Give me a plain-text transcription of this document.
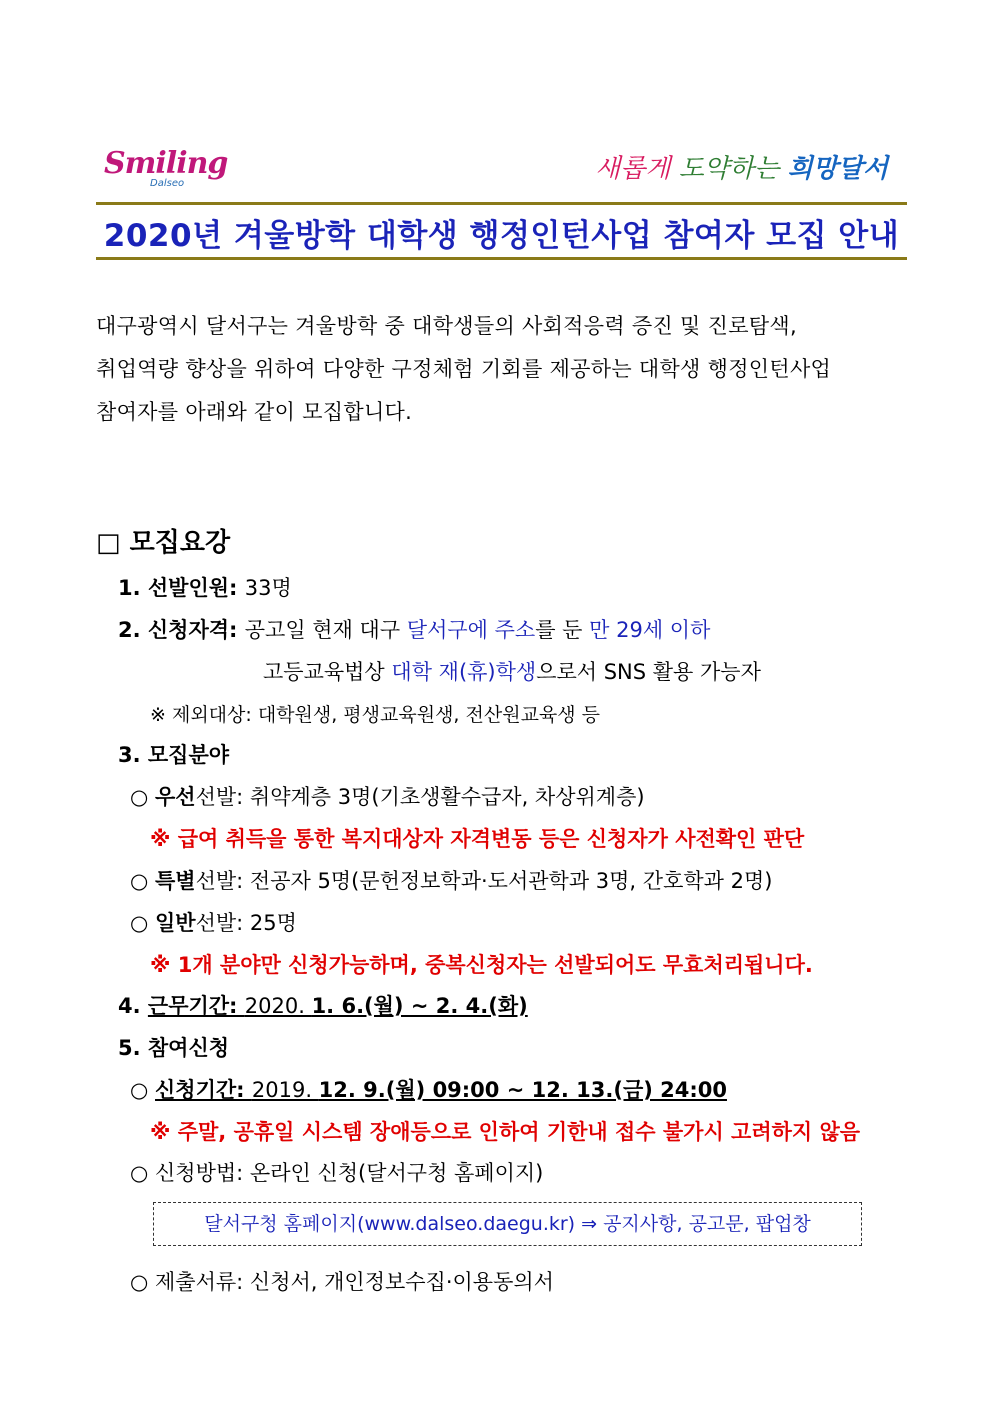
Smiling
Dalseo	새롭게 도약하는 희망달서
2020년 겨울방학 대학생 행정인턴사업 참여자 모집 안내
대구광역시 달서구는 겨울방학 중 대학생들의 사회적응력 증진 및 진로탐색,
취업역량 향상을 위하여 다양한 구정체험 기회를 제공하는 대학생 행정인턴사업
참여자를 아래와 같이 모집합니다.
□ 모집요강
1. 선발인원: 33명
2. 신청자격: 공고일 현재 대구 달서구에 주소를 둔 만 29세 이하
고등교육법상 대학 재(휴)학생으로서 SNS 활용 가능자
※ 제외대상: 대학원생, 평생교육원생, 전산원교육생 등
3. 모집분야
○ 우선선발: 취약계층 3명(기초생활수급자, 차상위계층)
※ 급여 취득을 통한 복지대상자 자격변동 등은 신청자가 사전확인 판단
○ 특별선발: 전공자 5명(문헌정보학과·도서관학과 3명, 간호학과 2명)
○ 일반선발: 25명
※ 1개 분야만 신청가능하며, 중복신청자는 선발되어도 무효처리됩니다.
4. 근무기간: 2020. 1. 6.(월) ~ 2. 4.(화)
5. 참여신청
○ 신청기간: 2019. 12. 9.(월) 09:00 ~ 12. 13.(금) 24:00
※ 주말, 공휴일 시스템 장애등으로 인하여 기한내 접수 불가시 고려하지 않음
○ 신청방법: 온라인 신청(달서구청 홈페이지)
달서구청 홈페이지(www.dalseo.daegu.kr) ⇒ 공지사항, 공고문, 팝업창
○ 제출서류: 신청서, 개인정보수집·이용동의서
